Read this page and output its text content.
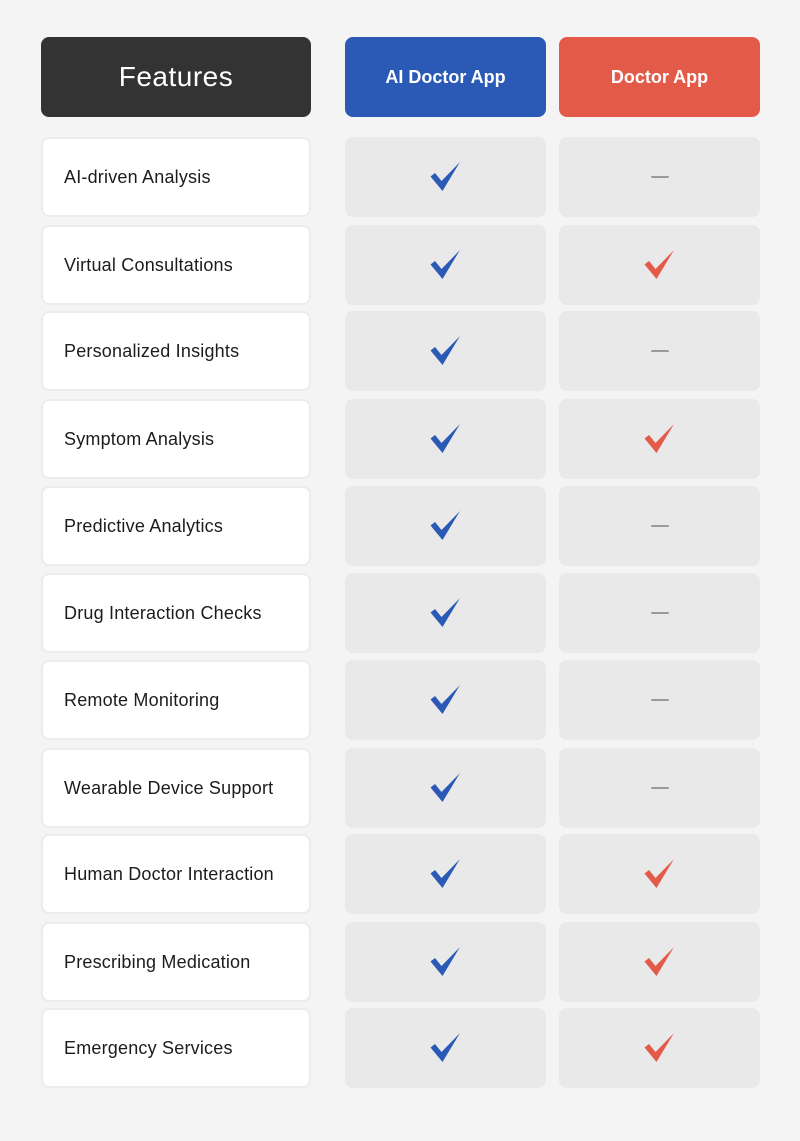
Features	AI Doctor App	Doctor App
AI-driven Analysis
Virtual Consultations
Personalized Insights
Symptom Analysis
Predictive Analytics
Drug Interaction Checks
Remote Monitoring
Wearable Device Support
Human Doctor Interaction
Prescribing Medication
Emergency Services
